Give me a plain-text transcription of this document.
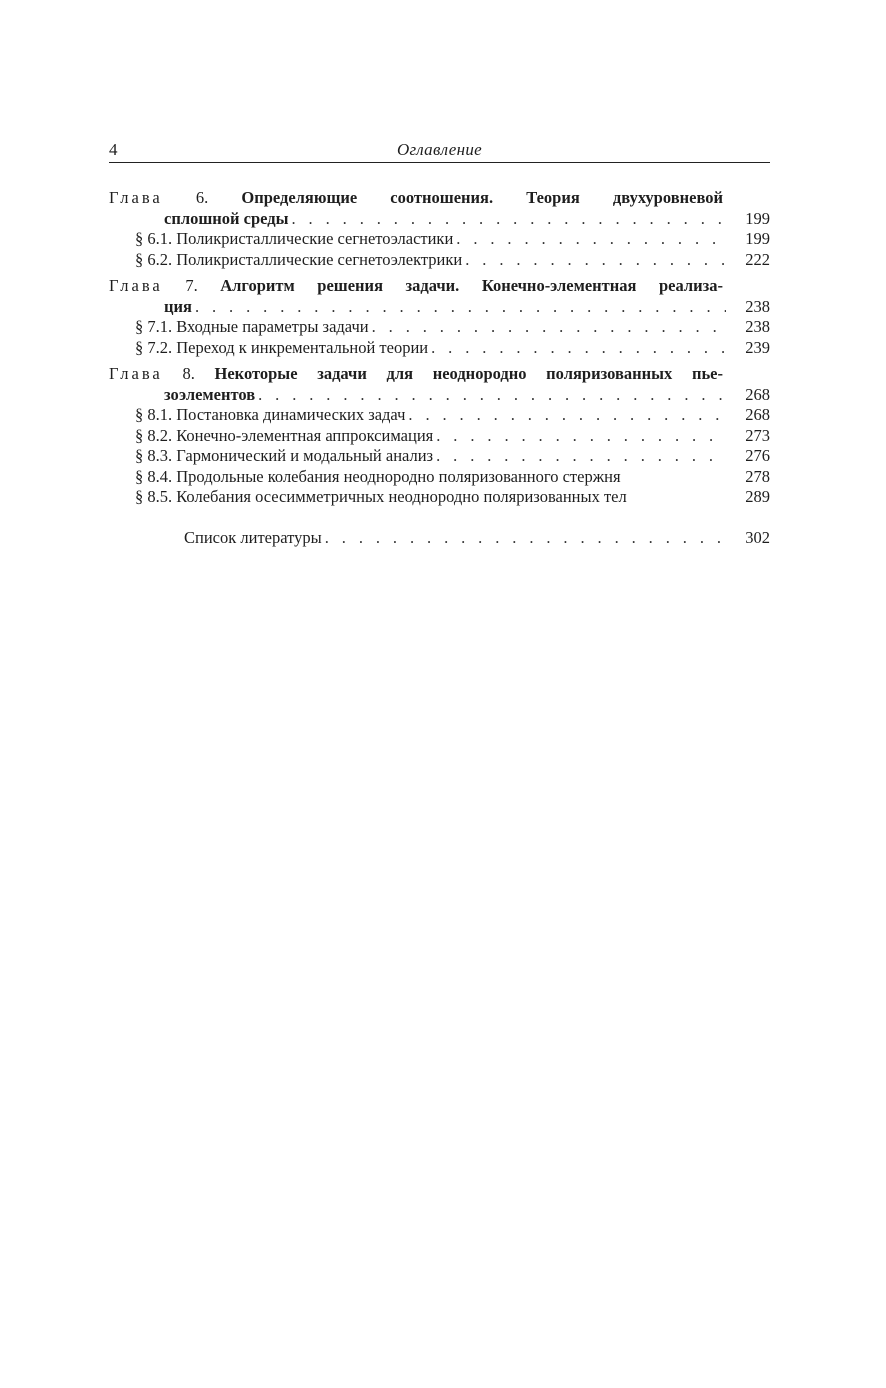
4	Оглавление
Глава 6. Определяющие соотношения. Теория двухуровневой
сплошной среды . . .	199
§ 6.1.
Поликристаллические сегнетоэластики . . .	199
§ 6.2.
Поликристаллические сегнетоэлектрики . . .	222
Глава 7. Алгоритм решения задачи. Конечно-элементная реализа-
ция . . .	238
§ 7.1.
Входные параметры задачи . . .	238
§ 7.2.
Переход к инкрементальной теории . . .	239
Глава 8. Некоторые задачи для неоднородно поляризованных пье-
зоэлементов . . .	268
§ 8.1.
Постановка динамических задач . . .	268
§ 8.2.
Конечно-элементная аппроксимация . . .	273
§ 8.3.
Гармонический и модальный анализ . . .	276
§ 8.4.
Продольные колебания неоднородно поляризованного стержня	278
§ 8.5.
Колебания осесимметричных неоднородно поляризованных тел	289
Список литературы . . .	302
